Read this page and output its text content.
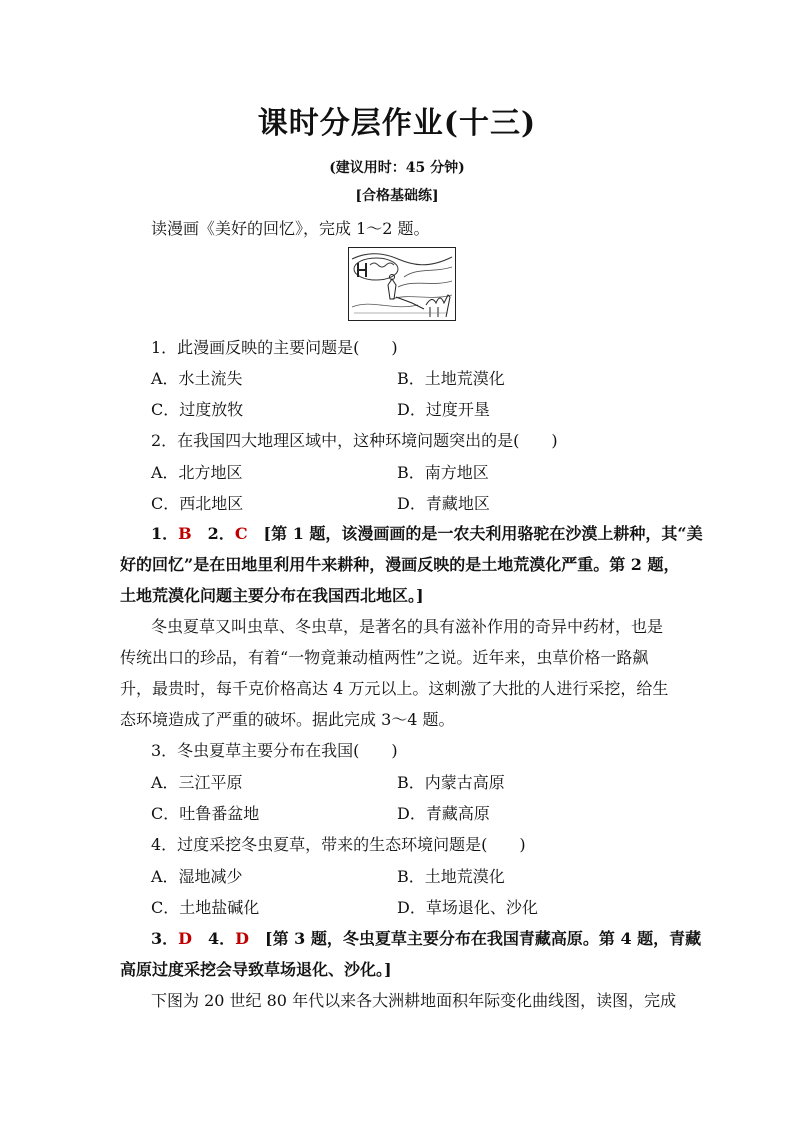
课时分层作业(十三)
(建议用时：45 分钟)
[合格基础练]
读漫画《美好的回忆》，完成 1～2 题。
1．此漫画反映的主要问题是(　　)
A．水土流失	B．土地荒漠化
C．过度放牧	D．过度开垦
2．在我国四大地理区域中，这种环境问题突出的是(　　)
A．北方地区	B．南方地区
C．西北地区	D．青藏地区
1．B　2．C　[第 1 题，该漫画画的是一农夫利用骆驼在沙漠上耕种，其“美
好的回忆”是在田地里利用牛来耕种，漫画反映的是土地荒漠化严重。第 2 题，
土地荒漠化问题主要分布在我国西北地区。]
冬虫夏草又叫虫草、冬虫草，是著名的具有滋补作用的奇异中药材，也是
传统出口的珍品，有着“一物竟兼动植两性”之说。近年来，虫草价格一路飙
升，最贵时，每千克价格高达 4 万元以上。这刺激了大批的人进行采挖，给生
态环境造成了严重的破坏。据此完成 3～4 题。
3．冬虫夏草主要分布在我国(　　)
A．三江平原	B．内蒙古高原
C．吐鲁番盆地	D．青藏高原
4．过度采挖冬虫夏草，带来的生态环境问题是(　　)
A．湿地减少	B．土地荒漠化
C．土地盐碱化	D．草场退化、沙化
3．D　4．D　[第 3 题，冬虫夏草主要分布在我国青藏高原。第 4 题，青藏
高原过度采挖会导致草场退化、沙化。]
下图为 20 世纪 80 年代以来各大洲耕地面积年际变化曲线图，读图，完成
